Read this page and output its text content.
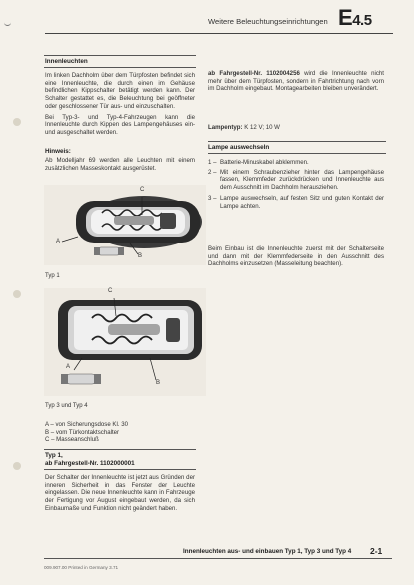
Weitere Beleuchtungseinrichtungen E4.5
Innenleuchten

Im linken Dachholm über dem Türpfosten befindet sich eine Innenleuchte, die durch einen im Gehäuse befindlichen Kippschalter betätigt werden kann. Der Schalter gestattet es, die Beleuchtung bei geöffneter oder geschlossener Tür aus- und einzuschalten.

Bei Typ-3- und Typ-4-Fahrzeugen kann die Innenleuchte durch Kippen des Lampengehäuses ein- und ausgeschaltet werden.

Hinweis:
Ab Modelljahr 69 werden alle Leuchten mit einem zusätzlichen Masseskontakt ausgerüstet.
C
A
B
Typ 1
C
A
B
Typ 3 und Typ 4
A – von Sicherungsdose Kl. 30
B – vom Türkontaktschalter
C – Masseanschluß
Typ 1,
ab Fahrgestell-Nr. 1102000001
Der Schalter der Innenleuchte ist jetzt aus Gründen der inneren Sicherheit in das Fenster der Leuchte eingelassen. Die neue Innenleuchte kann in Fahrzeuge der Fertigung vor August eingebaut werden, da sich Einbaumaße und Funktion nicht geändert haben.
ab Fahrgestell-Nr. 1102004256 wird die Innenleuchte nicht mehr über dem Türpfosten, sondern in Fahrtrichtung nach vorn im Dachholm eingebaut. Montagearbeiten bleiben unverändert.
Lampentyp: K 12 V; 10 W
Lampe auswechseln
1 – Batterie-Minuskabel abklemmen.
2 – Mit einem Schraubenzieher hinter das Lampengehäuse fassen, Klemmfeder zurückdrücken und Innenleuchte aus dem Ausschnitt im Dachholm herausziehen.
3 – Lampe auswechseln, auf festen Sitz und guten Kontakt der Lampe achten.
Beim Einbau ist die Innenleuchte zuerst mit der Schalterseite und dann mit der Klemmfederseite in den Ausschnitt des Dachholms einzusetzen (Masseleitung beachten).
Innenleuchten aus- und einbauen Typ 1, Typ 3 und Typ 4 2-1
009.907.00 Printed in Germany 3.71
